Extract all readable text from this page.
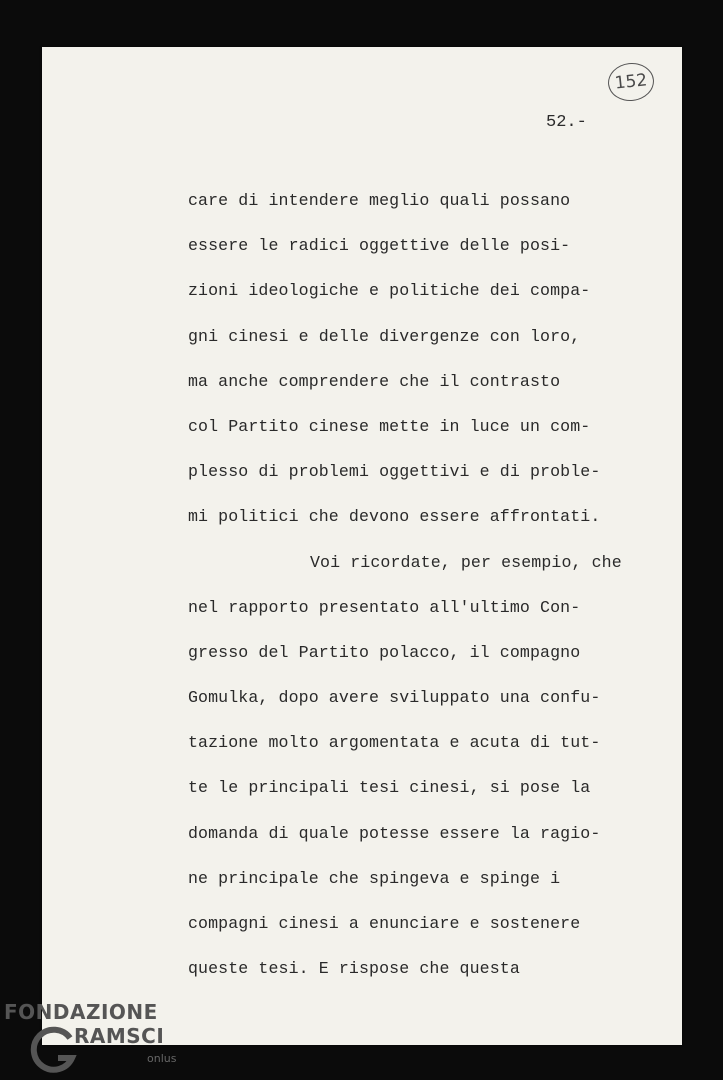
152
52.-
care di intendere meglio quali possano
essere le radici oggettive delle posi-
zioni ideologiche e politiche dei compa-
gni cinesi e delle divergenze con loro,
ma anche comprendere che il contrasto
col Partito cinese mette in luce un com-
plesso di problemi oggettivi e di proble-
mi politici che devono essere affrontati.
Voi ricordate, per esempio, che
nel rapporto presentato all'ultimo Con-
gresso del Partito polacco, il compagno
Gomulka, dopo avere sviluppato una confu-
tazione molto argomentata e acuta di tut-
te le principali tesi cinesi, si pose la
domanda di quale potesse essere la ragio-
ne principale che spingeva e spinge i
compagni cinesi a enunciare e sostenere
queste tesi. E rispose che questa
FONDAZIONE
RAMSCI
onlus
